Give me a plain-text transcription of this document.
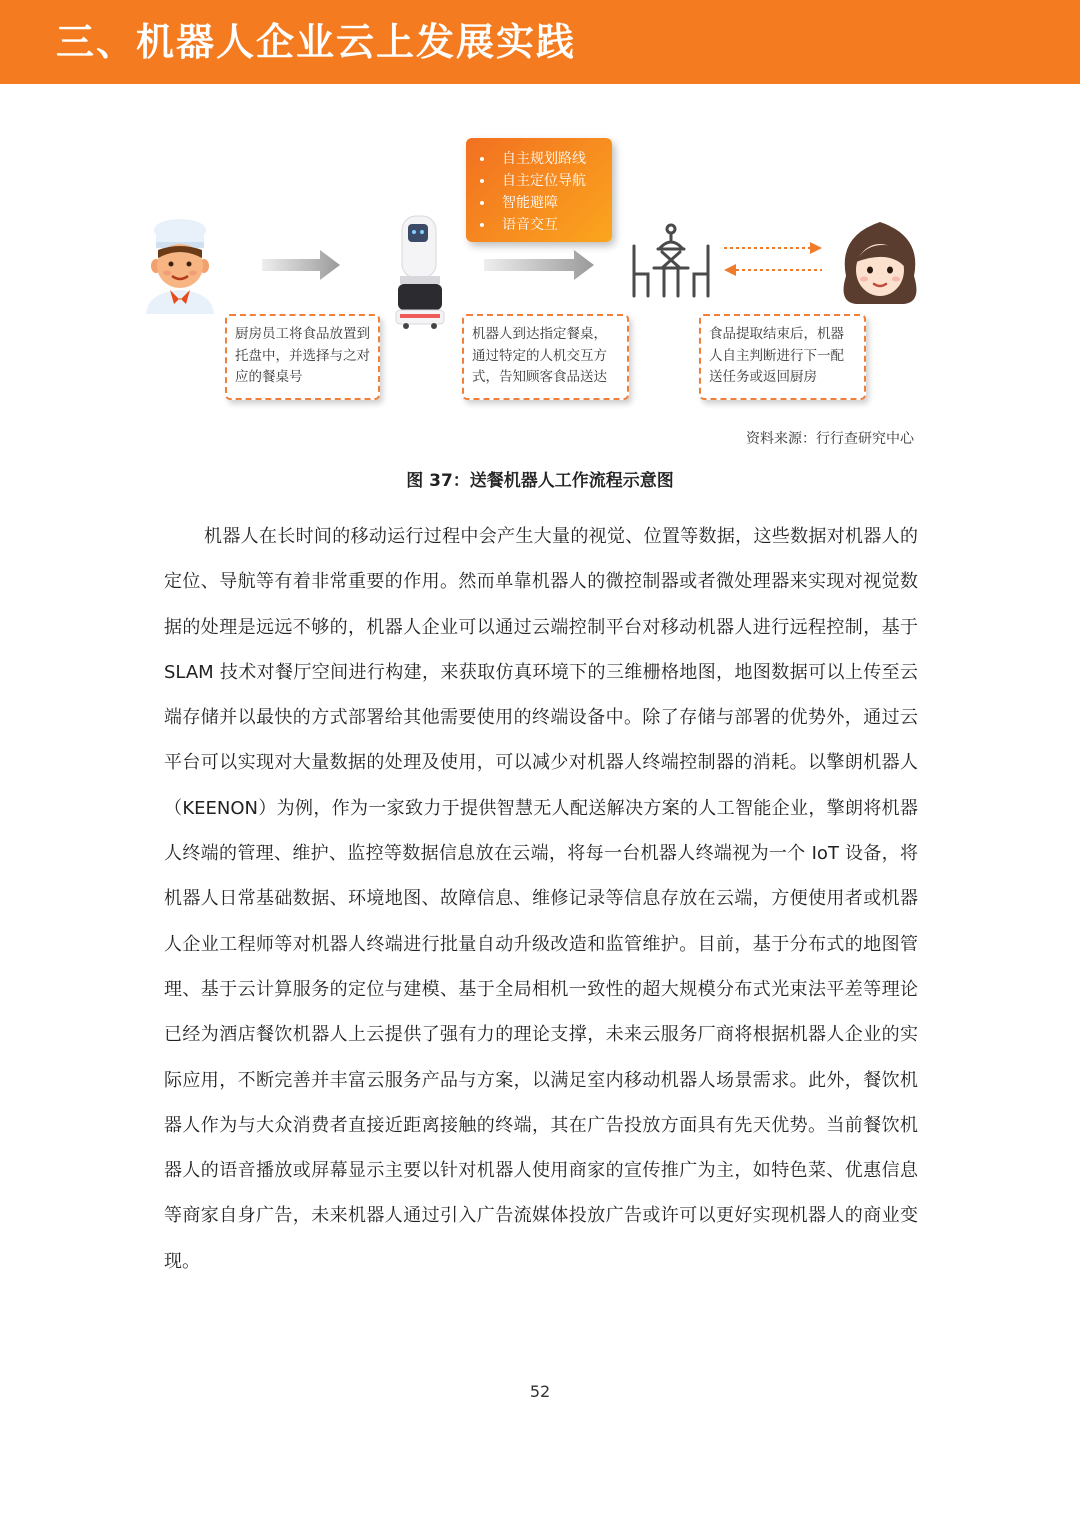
三、机器人企业云上发展实践
自主规划路线
自主定位导航
智能避障
语音交互
厨房员工将食品放置到托盘中，并选择与之对应的餐桌号
机器人到达指定餐桌，通过特定的人机交互方式，告知顾客食品送达
食品提取结束后，机器人自主判断进行下一配送任务或返回厨房
资料来源：行行查研究中心
图 37：送餐机器人工作流程示意图

机器人在长时间的移动运行过程中会产生大量的视觉、位置等数据，这些数据对机器人的定位、导航等有着非常重要的作用。然而单靠机器人的微控制器或者微处理器来实现对视觉数据的处理是远远不够的，机器人企业可以通过云端控制平台对移动机器人进行远程控制，基于 SLAM 技术对餐厅空间进行构建，来获取仿真环境下的三维栅格地图，地图数据可以上传至云端存储并以最快的方式部署给其他需要使用的终端设备中。除了存储与部署的优势外，通过云平台可以实现对大量数据的处理及使用，可以减少对机器人终端控制器的消耗。以擎朗机器人（KEENON）为例，作为一家致力于提供智慧无人配送解决方案的人工智能企业，擎朗将机器人终端的管理、维护、监控等数据信息放在云端，将每一台机器人终端视为一个 IoT 设备，将机器人日常基础数据、环境地图、故障信息、维修记录等信息存放在云端，方便使用者或机器人企业工程师等对机器人终端进行批量自动升级改造和监管维护。目前，基于分布式的地图管理、基于云计算服务的定位与建模、基于全局相机一致性的超大规模分布式光束法平差等理论已经为酒店餐饮机器人上云提供了强有力的理论支撑，未来云服务厂商将根据机器人企业的实际应用，不断完善并丰富云服务产品与方案，以满足室内移动机器人场景需求。此外，餐饮机器人作为与大众消费者直接近距离接触的终端，其在广告投放方面具有先天优势。当前餐饮机器人的语音播放或屏幕显示主要以针对机器人使用商家的宣传推广为主，如特色菜、优惠信息等商家自身广告，未来机器人通过引入广告流媒体投放广告或许可以更好实现机器人的商业变现。

52
